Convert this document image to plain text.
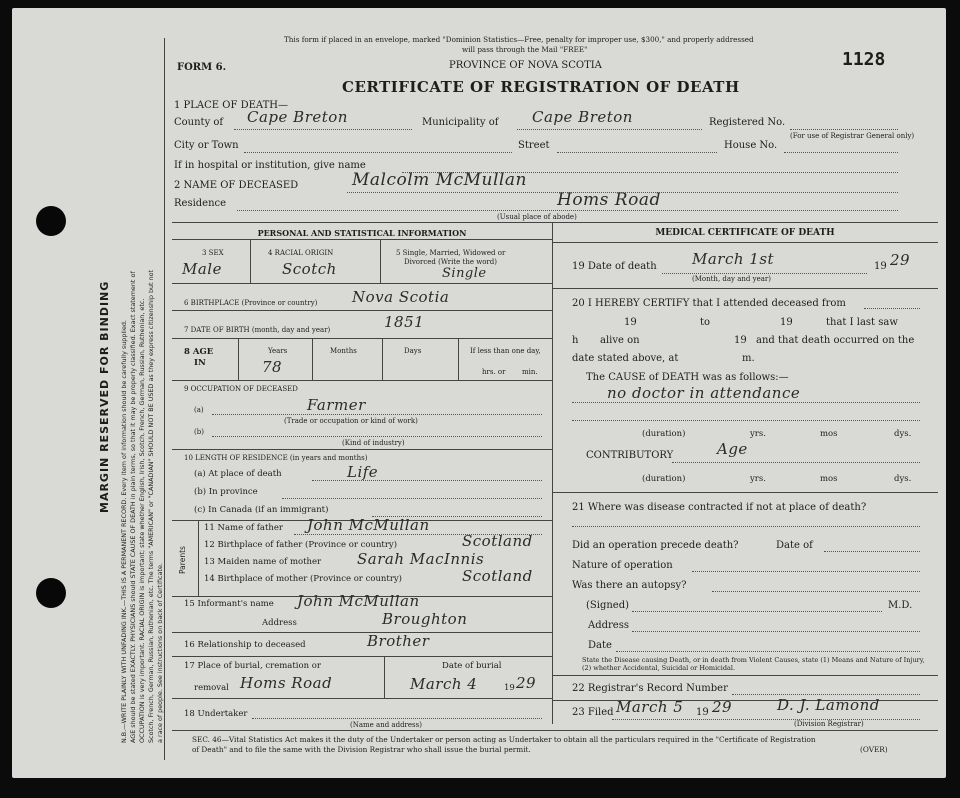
MARGIN RESERVED FOR BINDING N.B.—WRITE PLAINLY WITH UNFADING INK.—THIS IS A PERMANENT RECORD. Every item of information should be carefully supplied. AGE should be stated EXACTLY. PHYSICIANS should STATE CAUSE OF DEATH in plain terms, so that it may be properly classified. Exact statement of OCCUPATION is very important. RACIAL ORIGIN is important; state whether English, Irish, Scotch, French, German, Russian, Ruthenian, etc. Scotch, French, German, Russian, Ruthenian, etc. The terms "AMERICAN" or "CANADIAN" SHOULD NOT BE USED as they express citizenship but not a race of people. See instructions on back of Certificate.
This form if placed in an envelope, marked "Dominion Statistics—Free, penalty for improper use, $300," and properly addressed
will pass through the Mail "FREE"
FORM 6.	PROVINCE OF NOVA SCOTIA	1128
CERTIFICATE OF REGISTRATION OF DEATH
1 PLACE OF DEATH—
County of Cape Breton	Municipality of Cape Breton	Registered No.
(For use of Registrar General only)
City or Town	Street	House No.
If in hospital or institution, give name
2 NAME OF DECEASED	Malcolm McMullan
Residence	Homs Road
(Usual place of abode)
PERSONAL AND STATISTICAL INFORMATION
3 SEX
Male
4 RACIAL ORIGIN
Scotch
5 Single, Married, Widowed or
Divorced (Write the word)
Single
6 BIRTHPLACE (Province or country) Nova Scotia
7 DATE OF BIRTH (month, day and year)	1851
8 AGE
IN
Years
78
Months	Days	If less than one day,
hrs. or min.
9 OCCUPATION OF DECEASED
(a)	Farmer
(Trade or occupation or kind of work)
(b)
(Kind of industry)
10 LENGTH OF RESIDENCE (in years and months)
(a) At place of death	Life
(b) In province
(c) In Canada (if an immigrant)
Parents
11 Name of father John McMullan
12 Birthplace of father (Province or country)	Scotland
13 Maiden name of mother Sarah MacInnis
14 Birthplace of mother (Province or country)	Scotland
15 Informant's name John McMullan
Address	Broughton
16 Relationship to deceased	Brother
17 Place of burial, cremation or
removal Homs Road
Date of burial
March 4	19 29
18 Undertaker
(Name and address)
MEDICAL CERTIFICATE OF DEATH
19 Date of death March 1st
(Month, day and year)
19 29
20 I HEREBY CERTIFY that I attended deceased from
19	to	19	that I last saw
h alive on	19 and that death occurred on the
date stated above, at	m.
The CAUSE of DEATH was as follows:—
no doctor in attendance
(duration)	yrs.	mos	dys.
CONTRIBUTORY	Age
(duration)	yrs.	mos	dys.
21 Where was disease contracted if not at place of death?
Did an operation precede death?	Date of
Nature of operation
Was there an autopsy?
(Signed)	M.D.
Address
Date
State the Disease causing Death, or in death from Violent Causes, state (1) Means and Nature of Injury, (2) whether Accidental, Suicidal or Homicidal.
22 Registrar's Record Number
23 Filed March 5 19 29	D. J. Lamond
(Division Registrar)
SEC. 46—Vital Statistics Act makes it the duty of the Undertaker or person acting as Undertaker to obtain all the particulars required in the "Certificate of Registration
of Death" and to file the same with the Division Registrar who shall issue the burial permit.	(OVER)
